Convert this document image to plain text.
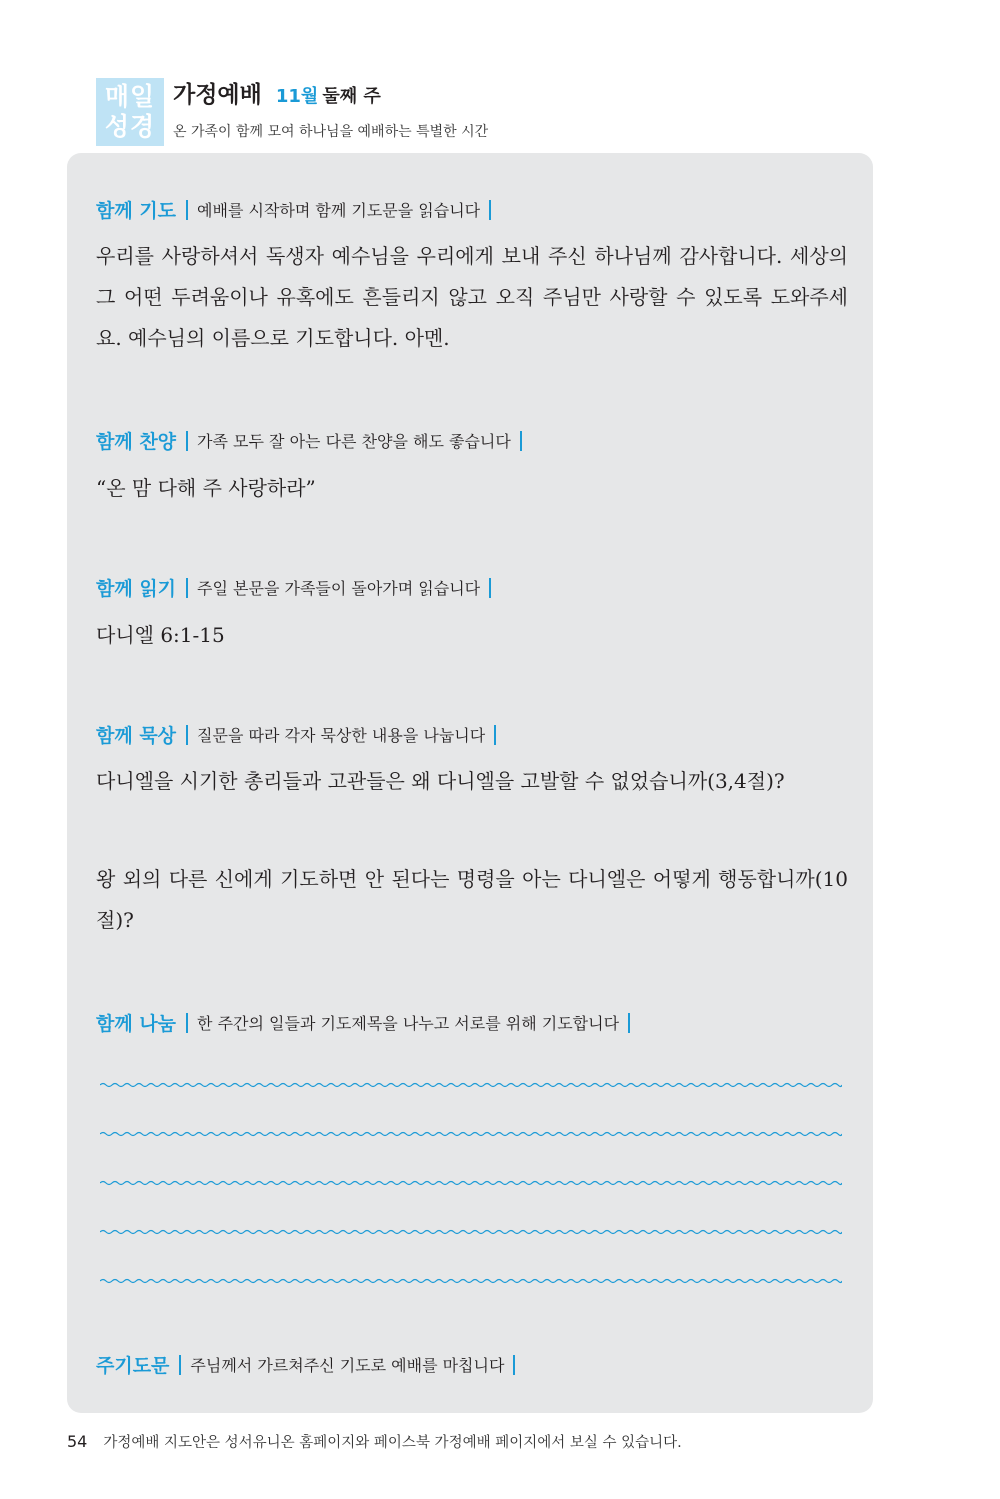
매일
성경
가정예배 11월 둘째 주
온 가족이 함께 모여 하나님을 예배하는 특별한 시간
함께 기도 예배를 시작하며 함께 기도문을 읽습니다
우리를 사랑하셔서 독생자 예수님을 우리에게 보내 주신 하나님께 감사합니다. 세상의 그 어떤 두려움이나 유혹에도 흔들리지 않고 오직 주님만 사랑할 수 있도록 도와주세요. 예수님의 이름으로 기도합니다. 아멘.
함께 찬양 가족 모두 잘 아는 다른 찬양을 해도 좋습니다
“온 맘 다해 주 사랑하라”
함께 읽기 주일 본문을 가족들이 돌아가며 읽습니다
다니엘 6:1-15
함께 묵상 질문을 따라 각자 묵상한 내용을 나눕니다
다니엘을 시기한 총리들과 고관들은 왜 다니엘을 고발할 수 없었습니까(3,4절)?
왕 외의 다른 신에게 기도하면 안 된다는 명령을 아는 다니엘은 어떻게 행동합니까(10절)?
함께 나눔 한 주간의 일들과 기도제목을 나누고 서로를 위해 기도합니다
주기도문 주님께서 가르쳐주신 기도로 예배를 마칩니다
54 가정예배 지도안은 성서유니온 홈페이지와 페이스북 가정예배 페이지에서 보실 수 있습니다.
